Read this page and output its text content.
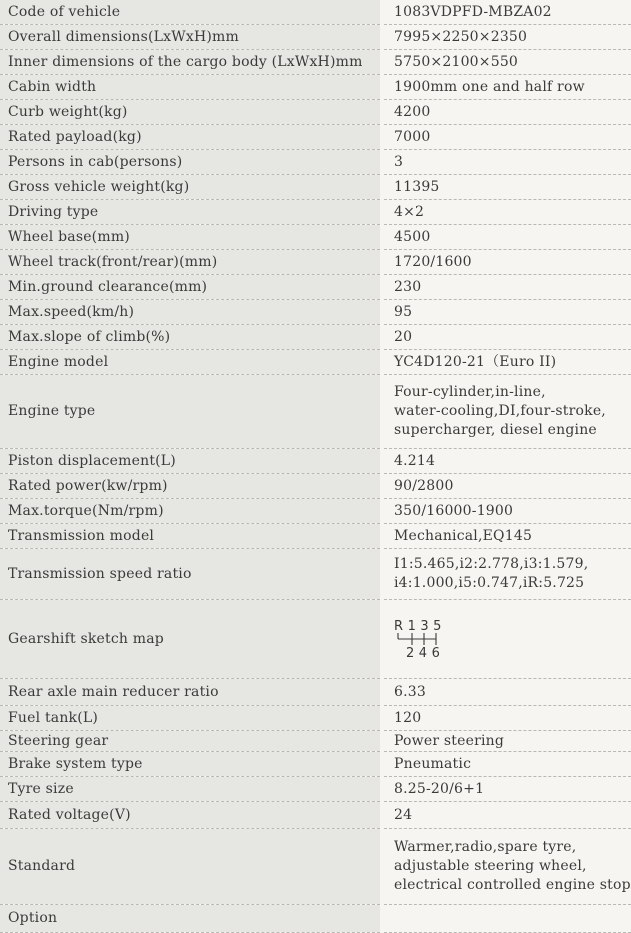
Code of vehicle	1083VDPFD-MBZA02
Overall dimensions(LxWxH)mm	7995×2250×2350
Inner dimensions of the cargo body (LxWxH)mm	5750×2100×550
Cabin width	1900mm one and half row
Curb weight(kg)	4200
Rated payload(kg)	7000
Persons in cab(persons)	3
Gross vehicle weight(kg)	11395
Driving type	4×2
Wheel base(mm)	4500
Wheel track(front/rear)(mm)	1720/1600
Min.ground clearance(mm)	230
Max.speed(km/h)	95
Max.slope of climb(%)	20
Engine model	YC4D120-21（Euro II)
Engine type	Four-cylinder,in-line,
water-cooling,DI,four-stroke,
supercharger, diesel engine
Piston displacement(L)	4.214
Rated power(kw/rpm)	90/2800
Max.torque(Nm/rpm)	350/16000-1900
Transmission model	Mechanical,EQ145
Transmission speed ratio	I1:5.465,i2:2.778,i3:1.579,
i4:1.000,i5:0.747,iR:5.725
Gearshift sketch map	R 1 3 5
2 4 6

Rear axle main reducer ratio	6.33
Fuel tank(L)	120
Steering gear	Power steering
Brake system type	Pneumatic
Tyre size	8.25-20/6+1
Rated voltage(V)	24
Standard	Warmer,radio,spare tyre,
adjustable steering wheel,
electrical controlled engine stop
Option	
